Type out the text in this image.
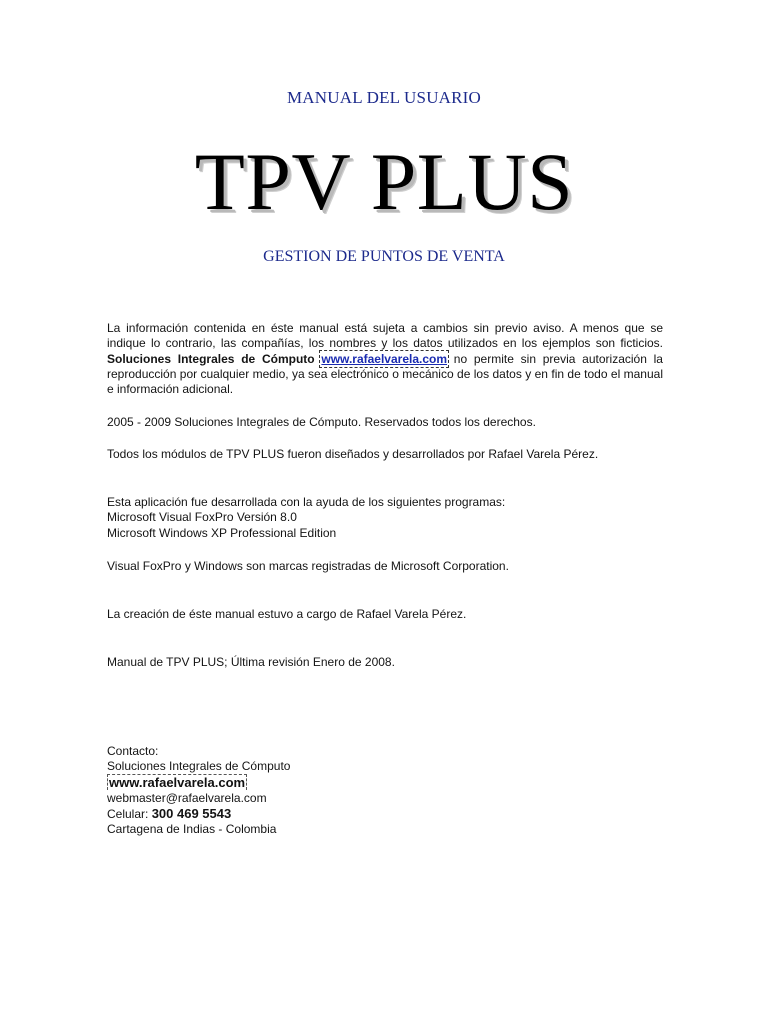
MANUAL DEL USUARIO
TPV PLUS
GESTION DE PUNTOS DE VENTA
La información contenida en éste manual está sujeta a cambios sin previo aviso. A menos que se indique lo contrario, las compañías, los nombres y los datos utilizados en los ejemplos son ficticios. Soluciones Integrales de Cómputo www.rafaelvarela.com no permite sin previa autorización la reproducción por cualquier medio, ya sea electrónico o mecánico de los datos y en fin de todo el manual e información adicional.
2005 - 2009 Soluciones Integrales de Cómputo. Reservados todos los derechos.
Todos los módulos de TPV PLUS fueron diseñados y desarrollados por Rafael Varela Pérez.
Esta aplicación fue desarrollada con la ayuda de los siguientes programas:
Microsoft Visual FoxPro Versión 8.0
Microsoft Windows XP Professional Edition
Visual FoxPro y Windows son marcas registradas de Microsoft Corporation.
La creación de éste manual estuvo a cargo de Rafael Varela Pérez.
Manual de TPV PLUS; Última revisión Enero de 2008.
Contacto:
Soluciones Integrales de Cómputo
www.rafaelvarela.com
webmaster@rafaelvarela.com
Celular: 300 469 5543
Cartagena de Indias - Colombia
